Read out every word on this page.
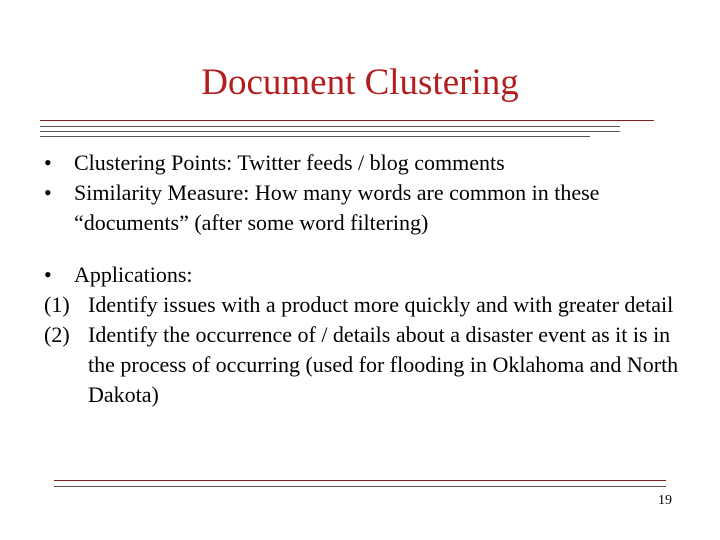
Document Clustering
• Clustering Points: Twitter feeds / blog comments
• Similarity Measure: How many words are common in these “documents” (after some word filtering)
• Applications:
(1) Identify issues with a product more quickly and with greater detail
(2) Identify the occurrence of / details about a disaster event as it is in the process of occurring (used for flooding in Oklahoma and North Dakota)
19
